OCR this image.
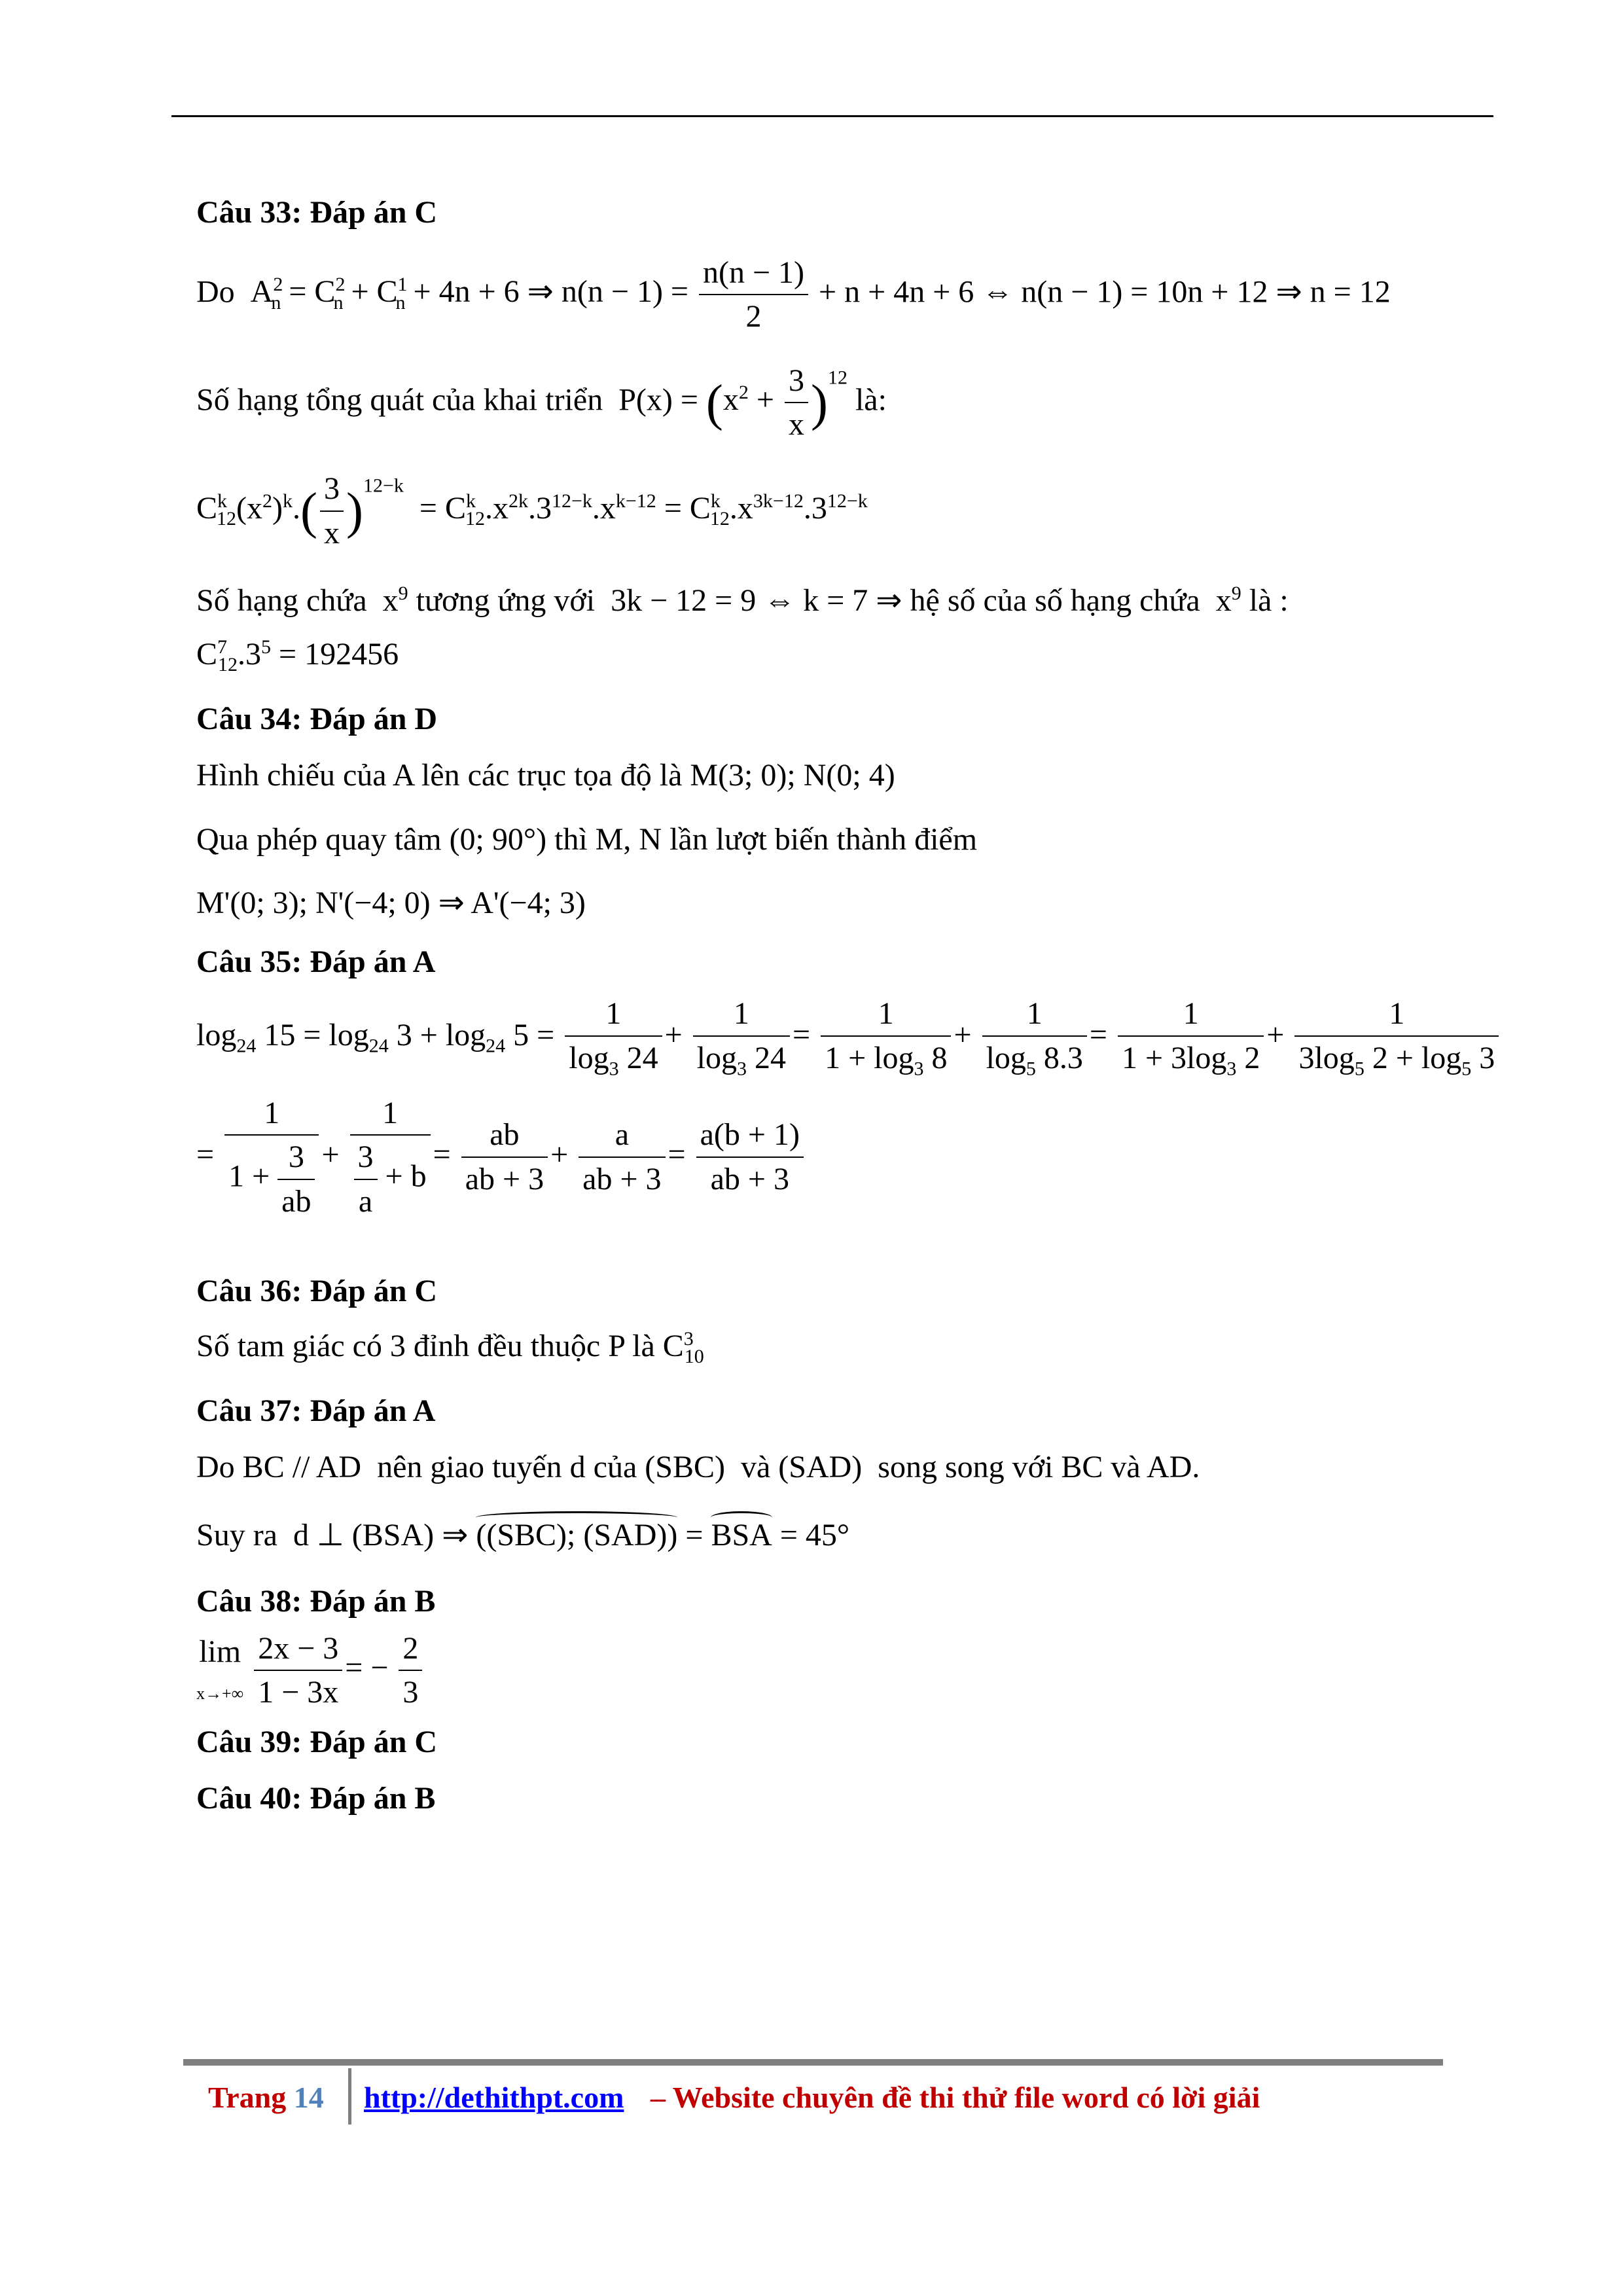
Câu 33: Đáp án C

Do  $A^2_n = C^2_n + C^1_n + 4n + 6$ ⇒ $n(n - 1) = \frac{n(n - 1)}{2} + n + 4n + 6$ ⇔ n(n − 1) = 10n + 12 ⇒ n = 12
Số hạng tổng quát của khai triển  $P(x) = (x^2 + \frac{3}{x} )^{12}$ là:
$C^k_{12}(x^2)^k.( \frac{3}{x} )^{12-k} = C^k_{12}.x^{2k}.3^{12-k}.x^{k-12} = C^k_{12}.x^{3k-12}.3^{12-k}$
Số hạng chứa  $x^9$ tương ứng với  3k − 12 = 9 ⇔ k = 7 ⇒ hệ số của số hạng chứa  $x^9$ là :
$C^7_{12}.3^5 = 192456$

Câu 34: Đáp án D

Hình chiếu của A lên các trục tọa độ là M(3; 0); N(0; 4)
Qua phép quay tâm (0; 90°) thì M, N lần lượt biến thành điểm
M'(0; 3); N'(−4; 0) ⇒ A'(−4; 3)

Câu 35: Đáp án A

$\log_{24} 15 = \log_{24} 3 + \log_{24} 5 = \frac{1}{\log_3 24} + \frac{1}{\log_3 24} = \frac{1}{1 + \log_3 8} + \frac{1}{\log_5 8.3} = \frac{1}{1 + 3\log_3 2} + \frac{1}{3\log_5 2 + \log_5 3}$
= $\frac{1}{1 + \frac{3}{ab}} + \frac{1}{\frac{3}{a} + b} = \frac{ab}{ab + 3} + \frac{a}{ab + 3} = \frac{a(b + 1)}{ab + 3}$

Câu 36: Đáp án C

Số tam giác có 3 đỉnh đều thuộc P là $C^3_{10}$

Câu 37: Đáp án A

Do BC // AD  nên giao tuyến d của (SBC)  và (SAD)  song song với BC và AD.
Suy ra  d ⊥ (BSA) ⇒ ((SBC); (SAD)) = BSA = 45°

Câu 38: Đáp án B

lim
$x\to+\infty \frac{2x - 3}{1 - 3x}$ = − $\frac{2}{3}$

Câu 39: Đáp án C

Câu 40: Đáp án B

Trang 14 http://dethithpt.com – Website chuyên đề thi thử file word có lời giải
